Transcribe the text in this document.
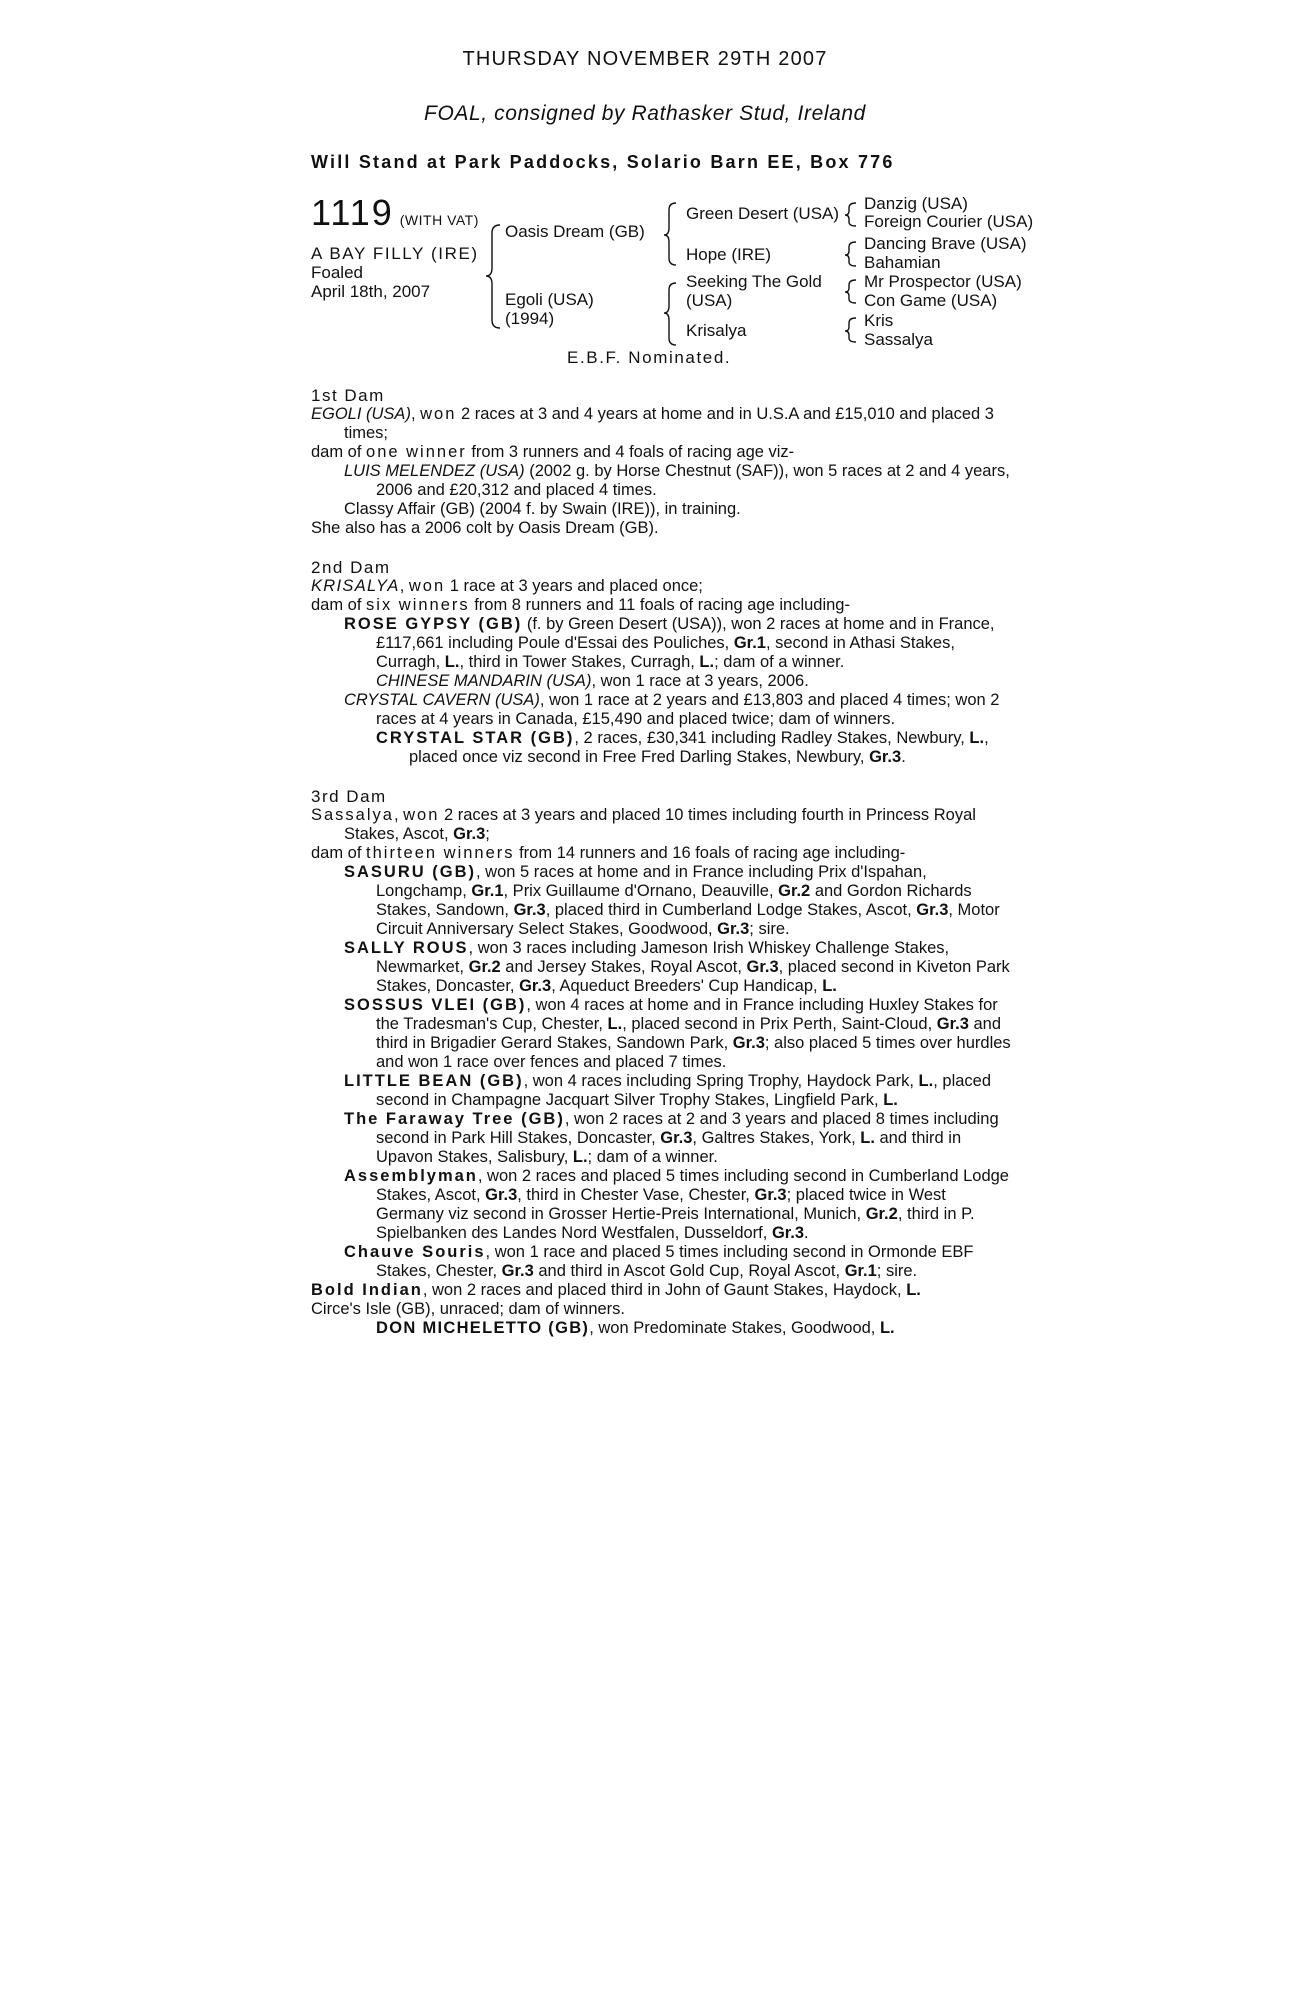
THURSDAY NOVEMBER 29TH 2007
FOAL, consigned by Rathasker Stud, Ireland
Will Stand at Park Paddocks, Solario Barn EE, Box 776
1119 (WITH VAT)
A BAY FILLY (IRE)
Foaled
April 18th, 2007
Oasis Dream (GB)
Egoli (USA)
(1994)
Green Desert (USA)
Hope (IRE)
Seeking The Gold
(USA)
Krisalya
Danzig (USA)
Foreign Courier (USA)
Dancing Brave (USA)
Bahamian
Mr Prospector (USA)
Con Game (USA)
Kris
Sassalya
E.B.F. Nominated.

1st Dam

EGOLI (USA), won 2 races at 3 and 4 years at home and in U.S.A and £15,010 and placed 3 times;

dam of one winner from 3 runners and 4 foals of racing age viz-

LUIS MELENDEZ (USA) (2002 g. by Horse Chestnut (SAF)), won 5 races at 2 and 4 years, 2006 and £20,312 and placed 4 times.

Classy Affair (GB) (2004 f. by Swain (IRE)), in training.

She also has a 2006 colt by Oasis Dream (GB).

2nd Dam

KRISALYA, won 1 race at 3 years and placed once;

dam of six winners from 8 runners and 11 foals of racing age including-

ROSE GYPSY (GB) (f. by Green Desert (USA)), won 2 races at home and in France, £117,661 including Poule d'Essai des Pouliches, Gr.1, second in Athasi Stakes, Curragh, L., third in Tower Stakes, Curragh, L.; dam of a winner.

CHINESE MANDARIN (USA), won 1 race at 3 years, 2006.

CRYSTAL CAVERN (USA), won 1 race at 2 years and £13,803 and placed 4 times; won 2 races at 4 years in Canada, £15,490 and placed twice; dam of winners.

CRYSTAL STAR (GB), 2 races, £30,341 including Radley Stakes, Newbury, L., placed once viz second in Free Fred Darling Stakes, Newbury, Gr.3.

3rd Dam

Sassalya, won 2 races at 3 years and placed 10 times including fourth in Princess Royal Stakes, Ascot, Gr.3;

dam of thirteen winners from 14 runners and 16 foals of racing age including-

SASURU (GB), won 5 races at home and in France including Prix d'Ispahan, Longchamp, Gr.1, Prix Guillaume d'Ornano, Deauville, Gr.2 and Gordon Richards Stakes, Sandown, Gr.3, placed third in Cumberland Lodge Stakes, Ascot, Gr.3, Motor Circuit Anniversary Select Stakes, Goodwood, Gr.3; sire.

SALLY ROUS, won 3 races including Jameson Irish Whiskey Challenge Stakes, Newmarket, Gr.2 and Jersey Stakes, Royal Ascot, Gr.3, placed second in Kiveton Park Stakes, Doncaster, Gr.3, Aqueduct Breeders' Cup Handicap, L.

SOSSUS VLEI (GB), won 4 races at home and in France including Huxley Stakes for the Tradesman's Cup, Chester, L., placed second in Prix Perth, Saint-Cloud, Gr.3 and third in Brigadier Gerard Stakes, Sandown Park, Gr.3; also placed 5 times over hurdles and won 1 race over fences and placed 7 times.

LITTLE BEAN (GB), won 4 races including Spring Trophy, Haydock Park, L., placed second in Champagne Jacquart Silver Trophy Stakes, Lingfield Park, L.

The Faraway Tree (GB), won 2 races at 2 and 3 years and placed 8 times including second in Park Hill Stakes, Doncaster, Gr.3, Galtres Stakes, York, L. and third in Upavon Stakes, Salisbury, L.; dam of a winner.

Assemblyman, won 2 races and placed 5 times including second in Cumberland Lodge Stakes, Ascot, Gr.3, third in Chester Vase, Chester, Gr.3; placed twice in West Germany viz second in Grosser Hertie-Preis International, Munich, Gr.2, third in P. Spielbanken des Landes Nord Westfalen, Dusseldorf, Gr.3.

Chauve Souris, won 1 race and placed 5 times including second in Ormonde EBF Stakes, Chester, Gr.3 and third in Ascot Gold Cup, Royal Ascot, Gr.1; sire.

Bold Indian, won 2 races and placed third in John of Gaunt Stakes, Haydock, L.

Circe's Isle (GB), unraced; dam of winners.

DON MICHELETTO (GB), won Predominate Stakes, Goodwood, L.
